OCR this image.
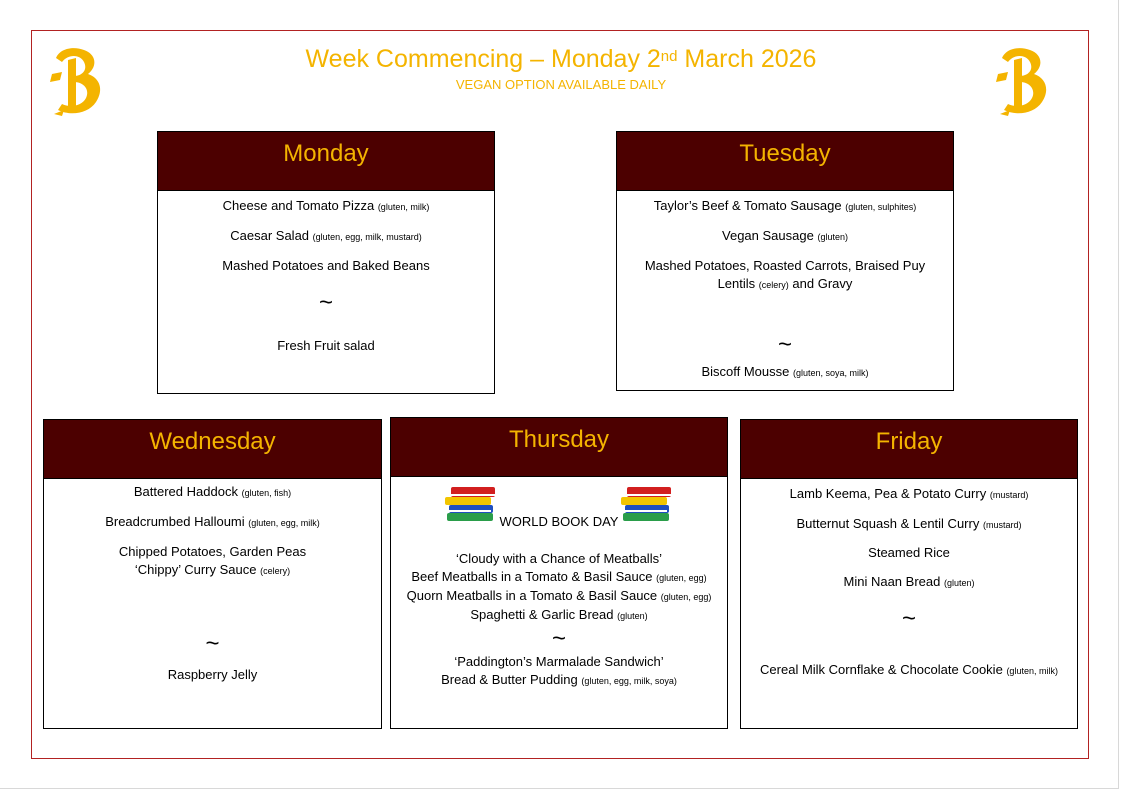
Week Commencing – Monday 2nd March 2026
VEGAN OPTION AVAILABLE DAILY
Monday

Cheese and Tomato Pizza (gluten, milk)

Caesar Salad (gluten, egg, milk, mustard)

Mashed Potatoes and Baked Beans

~

Fresh Fruit salad

Tuesday

Taylor’s Beef & Tomato Sausage (gluten, sulphites)

Vegan Sausage (gluten)

Mashed Potatoes, Roasted Carrots, Braised Puy
Lentils (celery) and Gravy

~

Biscoff Mousse (gluten, soya, milk)

Wednesday

Battered Haddock (gluten, fish)

Breadcrumbed Halloumi (gluten, egg, milk)

Chipped Potatoes, Garden Peas

‘Chippy’ Curry Sauce (celery)

~

Raspberry Jelly

Thursday

WORLD BOOK DAY

‘Cloudy with a Chance of Meatballs’

Beef Meatballs in a Tomato & Basil Sauce (gluten, egg)

Quorn Meatballs in a Tomato & Basil Sauce (gluten, egg)

Spaghetti & Garlic Bread (gluten)

~

‘Paddington’s Marmalade Sandwich’

Bread & Butter Pudding (gluten, egg, milk, soya)

Friday

Lamb Keema, Pea & Potato Curry (mustard)

Butternut Squash & Lentil Curry (mustard)

Steamed Rice

Mini Naan Bread (gluten)

~

Cereal Milk Cornflake & Chocolate Cookie (gluten, milk)
